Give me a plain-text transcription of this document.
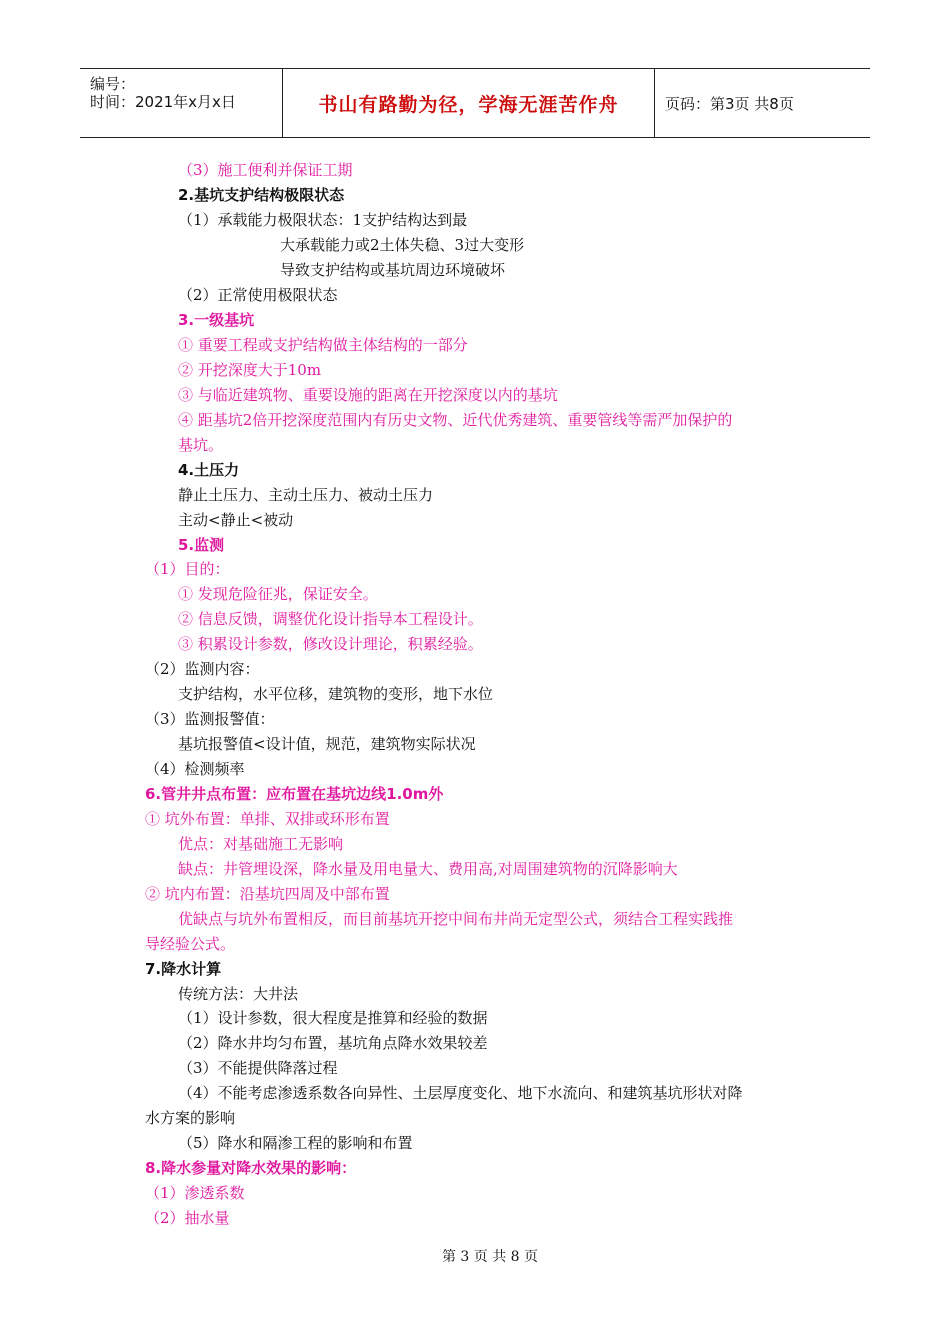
编号：
时间：2021年x月x日	书山有路勤为径，学海无涯苦作舟	页码：第3页 共8页
（3）施工便利并保证工期
2.基坑支护结构极限状态
（1）承载能力极限状态：1支护结构达到最
大承载能力或2土体失稳、3过大变形
导致支护结构或基坑周边环境破坏
（2）正常使用极限状态
3.一级基坑
① 重要工程或支护结构做主体结构的一部分
② 开挖深度大于10m
③ 与临近建筑物、重要设施的距离在开挖深度以内的基坑
④ 距基坑2倍开挖深度范围内有历史文物、近代优秀建筑、重要管线等需严加保护的
基坑。
4.土压力
静止土压力、主动土压力、被动土压力
主动<静止<被动
5.监测
（1）目的：
① 发现危险征兆，保证安全。
② 信息反馈，调整优化设计指导本工程设计。
③ 积累设计参数，修改设计理论，积累经验。
（2）监测内容：
支护结构，水平位移，建筑物的变形，地下水位
（3）监测报警值：
基坑报警值<设计值，规范，建筑物实际状况
（4）检测频率
6.管井井点布置：应布置在基坑边线1.0m外
① 坑外布置：单排、双排或环形布置
优点：对基础施工无影响
缺点：井管埋设深，降水量及用电量大、费用高,对周围建筑物的沉降影响大
② 坑内布置：沿基坑四周及中部布置
优缺点与坑外布置相反，而目前基坑开挖中间布井尚无定型公式，须结合工程实践推
导经验公式。
7.降水计算
传统方法：大井法
（1）设计参数，很大程度是推算和经验的数据
（2）降水井均匀布置，基坑角点降水效果较差
（3）不能提供降落过程
（4）不能考虑渗透系数各向异性、土层厚度变化、地下水流向、和建筑基坑形状对降
水方案的影响
（5）降水和隔渗工程的影响和布置
8.降水参量对降水效果的影响：
（1）渗透系数
（2）抽水量
第 3 页 共 8 页
